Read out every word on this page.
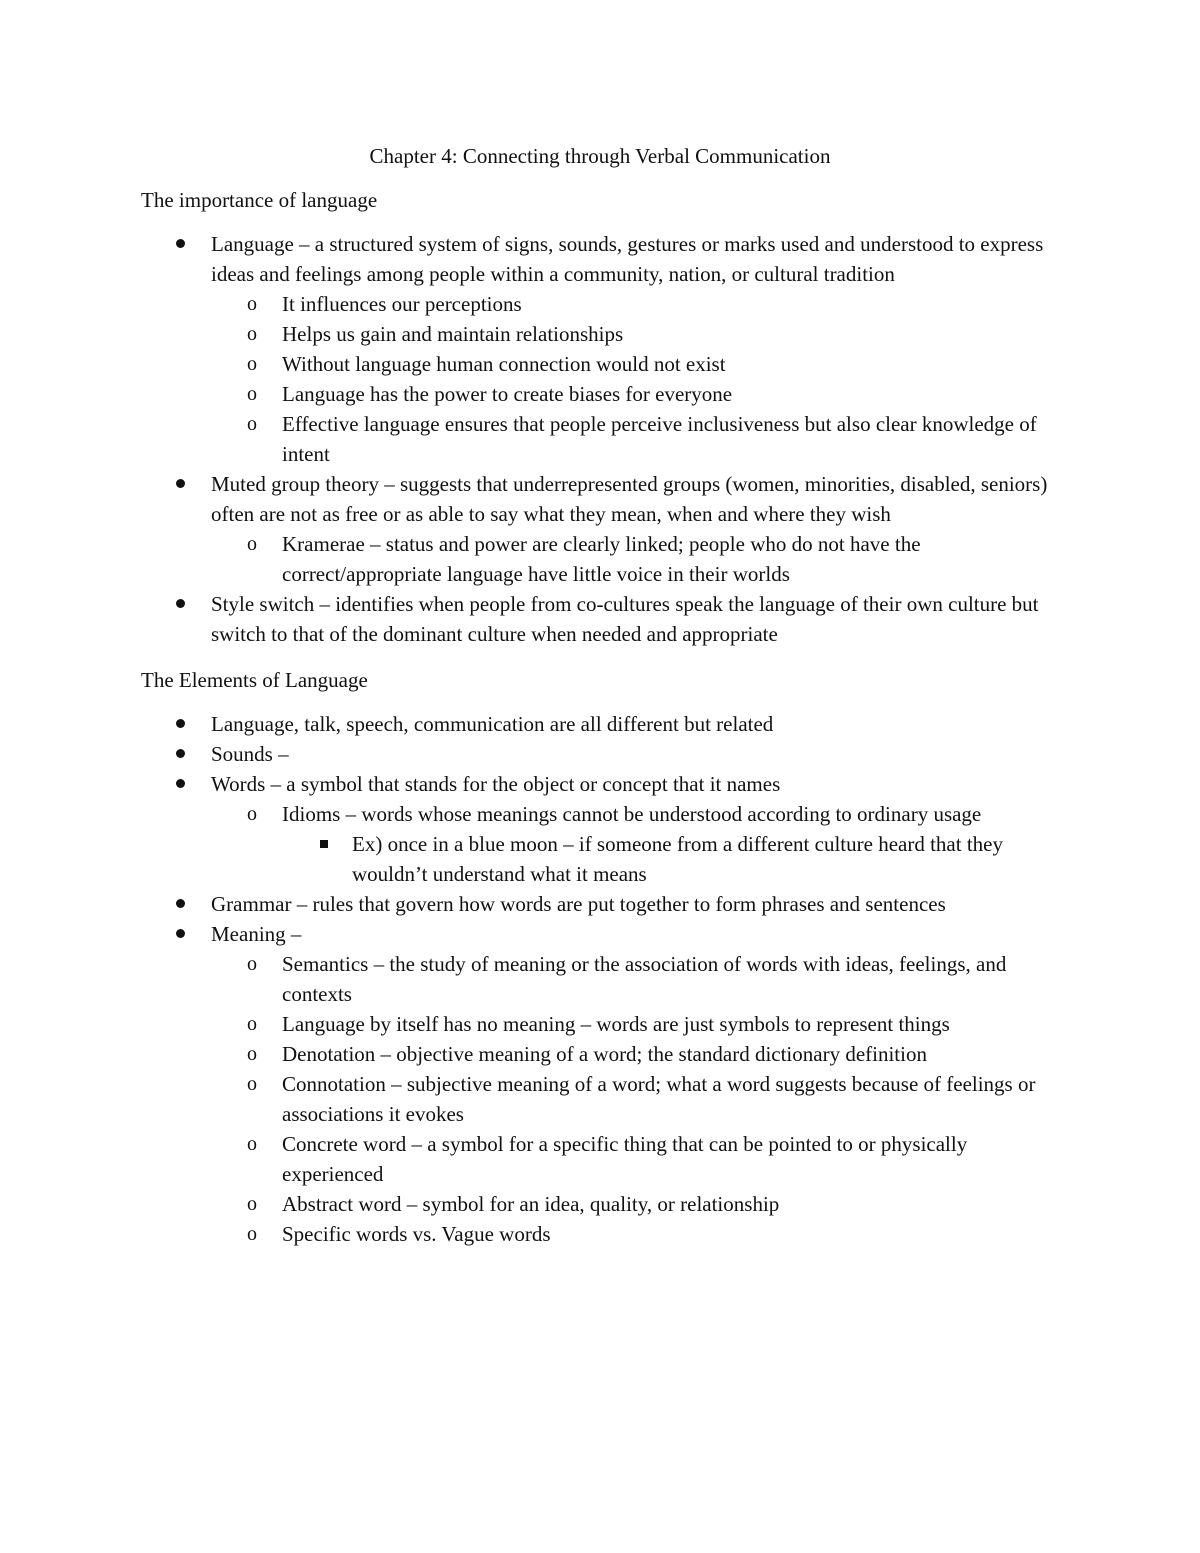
Chapter 4: Connecting through Verbal Communication
The importance of language
Language – a structured system of signs, sounds, gestures or marks used and understood to express ideas and feelings among people within a community, nation, or cultural tradition
o It influences our perceptions
o Helps us gain and maintain relationships
o Without language human connection would not exist
o Language has the power to create biases for everyone
o Effective language ensures that people perceive inclusiveness but also clear knowledge of intent
Muted group theory – suggests that underrepresented groups (women, minorities, disabled, seniors) often are not as free or as able to say what they mean, when and where they wish
o Kramerae – status and power are clearly linked; people who do not have the correct/appropriate language have little voice in their worlds
Style switch – identifies when people from co-cultures speak the language of their own culture but switch to that of the dominant culture when needed and appropriate
The Elements of Language
Language, talk, speech, communication are all different but related
Sounds –
Words – a symbol that stands for the object or concept that it names
o Idioms – words whose meanings cannot be understood according to ordinary usage
Ex) once in a blue moon – if someone from a different culture heard that they wouldn’t understand what it means
Grammar – rules that govern how words are put together to form phrases and sentences
Meaning –
o Semantics – the study of meaning or the association of words with ideas, feelings, and contexts
o Language by itself has no meaning – words are just symbols to represent things
o Denotation – objective meaning of a word; the standard dictionary definition
o Connotation – subjective meaning of a word; what a word suggests because of feelings or associations it evokes
o Concrete word – a symbol for a specific thing that can be pointed to or physically experienced
o Abstract word – symbol for an idea, quality, or relationship
o Specific words vs. Vague words
